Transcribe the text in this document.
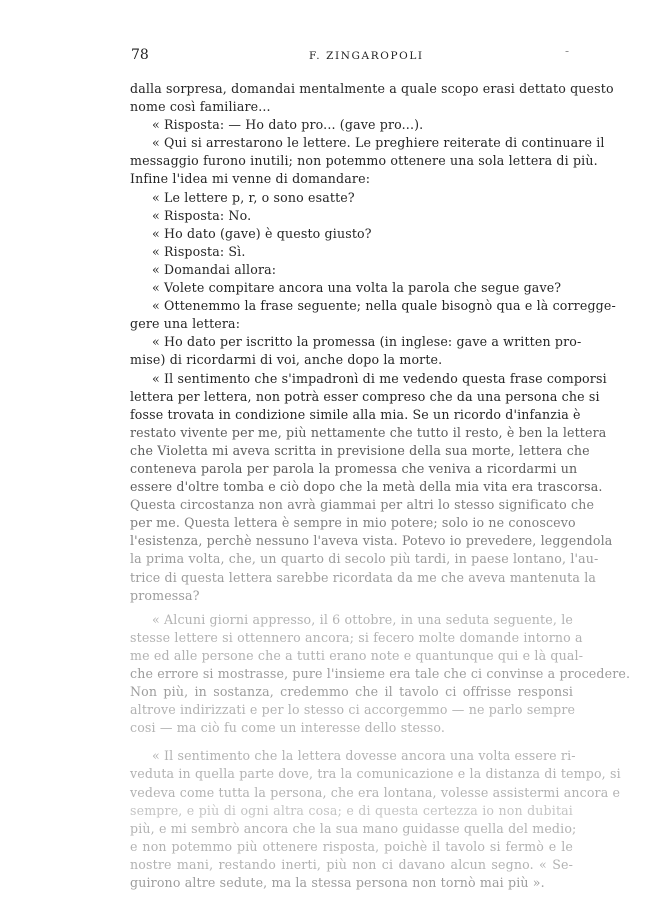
78	F. ZINGAROPOLI	-
dalla sorpresa, domandai mentalmente a quale scopo erasi dettato questo
nome così familiare...
« Risposta: — Ho dato pro... (gave pro...).
« Qui si arrestarono le lettere. Le preghiere reiterate di continuare il
messaggio furono inutili; non potemmo ottenere una sola lettera di più.
Infine l'idea mi venne di domandare:
« Le lettere p, r, o sono esatte?
« Risposta: No.
« Ho dato (gave) è questo giusto?
« Risposta: Sì.
« Domandai allora:
« Volete compitare ancora una volta la parola che segue gave?
« Ottenemmo la frase seguente; nella quale bisognò qua e là corregge-
gere una lettera:
« Ho dato per iscritto la promessa (in inglese: gave a written pro-
mise) di ricordarmi di voi, anche dopo la morte.
« Il sentimento che s'impadronì di me vedendo questa frase comporsi
lettera per lettera, non potrà esser compreso che da una persona che si
fosse trovata in condizione simile alla mia. Se un ricordo d'infanzia è
restato vivente per me, più nettamente che tutto il resto, è ben la lettera
che Violetta mi aveva scritta in previsione della sua morte, lettera che
conteneva parola per parola la promessa che veniva a ricordarmi un
essere d'oltre tomba e ciò dopo che la metà della mia vita era trascorsa.
Questa circostanza non avrà giammai per altri lo stesso significato che
per me. Questa lettera è sempre in mio potere; solo io ne conoscevo
l'esistenza, perchè nessuno l'aveva vista. Potevo io prevedere, leggendola
la prima volta, che, un quarto di secolo più tardi, in paese lontano, l'au-
trice di questa lettera sarebbe ricordata da me che aveva mantenuta la
promessa?
« Alcuni giorni appresso, il 6 ottobre, in una seduta seguente, le
stesse lettere si ottennero ancora; si fecero molte domande intorno a
me ed alle persone che a tutti erano note e quantunque qui e là qual-
che errore si mostrasse, pure l'insieme era tale che ci convinse a procedere.
Non più, in sostanza, credemmo che il tavolo ci offrisse responsi
altrove indirizzati e per lo stesso ci accorgemmo — ne parlo sempre
cosi — ma ciò fu come un interesse dello stesso.
« Il sentimento che la lettera dovesse ancora una volta essere ri-
veduta in quella parte dove, tra la comunicazione e la distanza di tempo, si
vedeva come tutta la persona, che era lontana, volesse assistermi ancora e
sempre, e più di ogni altra cosa; e di questa certezza io non dubitai
più, e mi sembrò ancora che la sua mano guidasse quella del medio;
e non potemmo più ottenere risposta, poichè il tavolo si fermò e le
nostre mani, restando inerti, più non ci davano alcun segno. « Se-
guirono altre sedute, ma la stessa persona non tornò mai più ».
